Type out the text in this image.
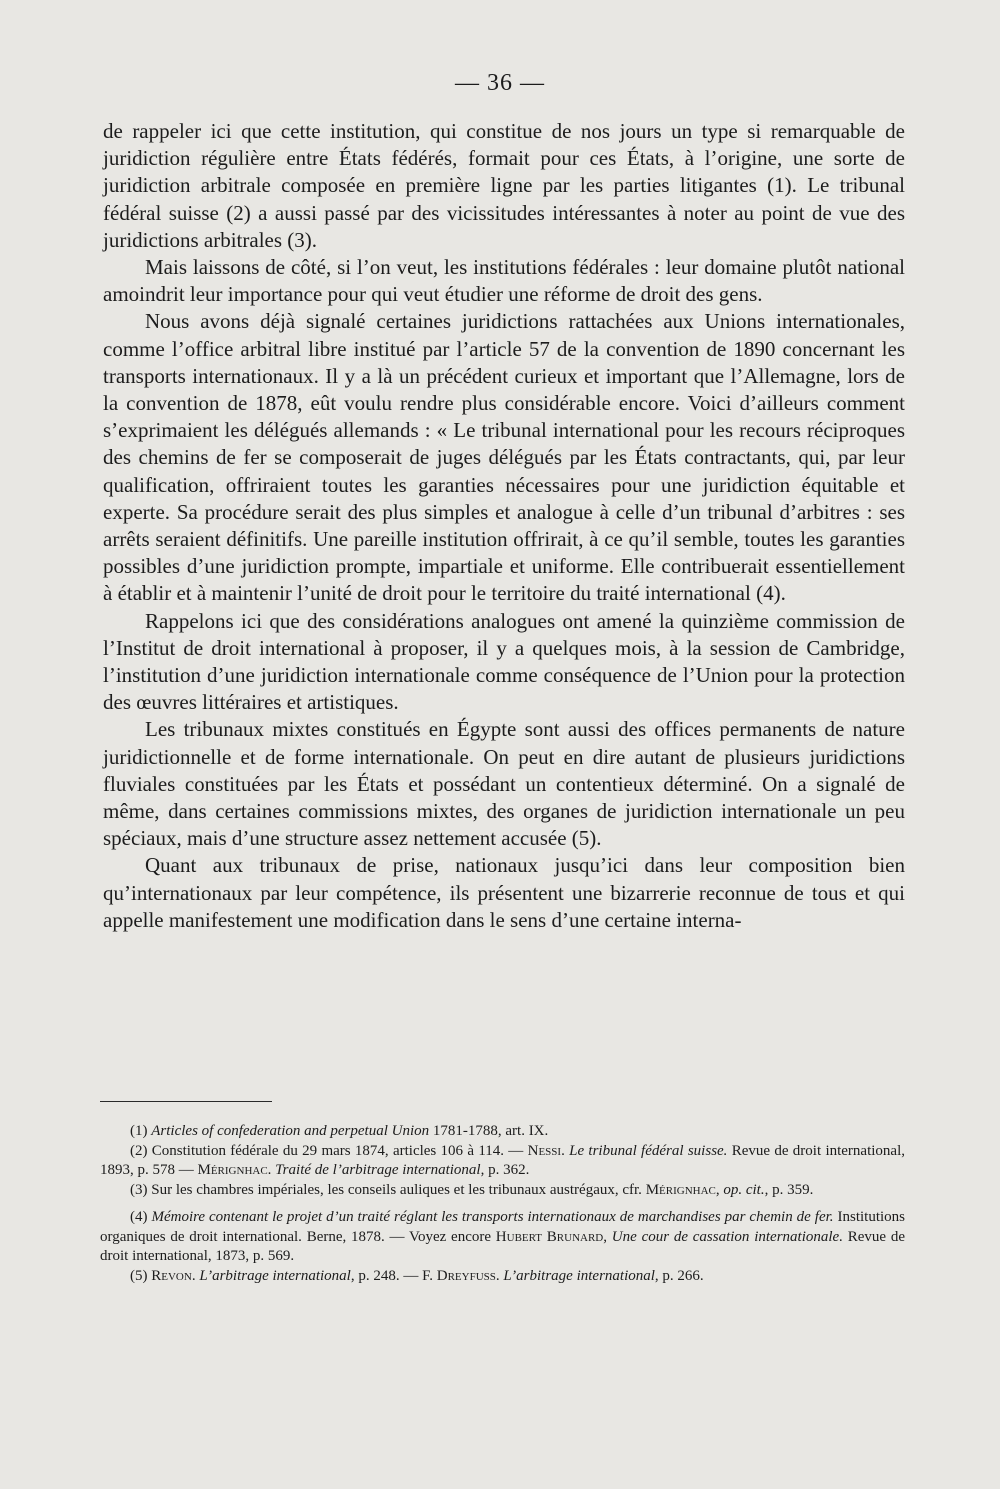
— 36 —

de rappeler ici que cette institution, qui constitue de nos jours un type si remarquable de juridiction régulière entre États fédérés, formait pour ces États, à l’origine, une sorte de juridiction arbitrale composée en première ligne par les parties litigantes (1). Le tribunal fédéral suisse (2) a aussi passé par des vicissitudes intéressantes à noter au point de vue des juridictions arbitrales (3).

Mais laissons de côté, si l’on veut, les institutions fédérales : leur domaine plutôt national amoindrit leur importance pour qui veut étudier une réforme de droit des gens.

Nous avons déjà signalé certaines juridictions rattachées aux Unions internationales, comme l’office arbitral libre institué par l’article 57 de la convention de 1890 concernant les transports internationaux. Il y a là un précédent curieux et important que l’Allemagne, lors de la convention de 1878, eût voulu rendre plus considérable encore. Voici d’ailleurs comment s’exprimaient les délégués allemands : « Le tribunal international pour les recours réciproques des chemins de fer se composerait de juges délégués par les États contractants, qui, par leur qualification, offriraient toutes les garanties nécessaires pour une juridiction équitable et experte. Sa procédure serait des plus simples et analogue à celle d’un tribunal d’arbitres : ses arrêts seraient définitifs. Une pareille institution offrirait, à ce qu’il semble, toutes les garanties possibles d’une juridiction prompte, impartiale et uniforme. Elle contribuerait essentiellement à établir et à maintenir l’unité de droit pour le territoire du traité international (4).

Rappelons ici que des considérations analogues ont amené la quinzième commission de l’Institut de droit international à proposer, il y a quelques mois, à la session de Cambridge, l’institution d’une juridiction internationale comme conséquence de l’Union pour la protection des œuvres littéraires et artistiques.

Les tribunaux mixtes constitués en Égypte sont aussi des offices permanents de nature juridictionnelle et de forme internationale. On peut en dire autant de plusieurs juridictions fluviales constituées par les États et possédant un contentieux déterminé. On a signalé de même, dans certaines commissions mixtes, des organes de juridiction internationale un peu spéciaux, mais d’une structure assez nettement accusée (5).

Quant aux tribunaux de prise, nationaux jusqu’ici dans leur composition bien qu’internationaux par leur compétence, ils présentent une bizarrerie reconnue de tous et qui appelle manifestement une modification dans le sens d’une certaine interna-

(1) Articles of confederation and perpetual Union 1781-1788, art. IX.

(2) Constitution fédérale du 29 mars 1874, articles 106 à 114. — Nessi. Le tribunal fédéral suisse. Revue de droit international, 1893, p. 578 — Mérignhac. Traité de l’arbitrage international, p. 362.

(3) Sur les chambres impériales, les conseils auliques et les tribunaux austrégaux, cfr. Mérignhac, op. cit., p. 359.

(4) Mémoire contenant le projet d’un traité réglant les transports internationaux de marchandises par chemin de fer. Institutions organiques de droit international. Berne, 1878. — Voyez encore Hubert Brunard, Une cour de cassation internationale. Revue de droit international, 1873, p. 569.

(5) Revon. L’arbitrage international, p. 248. — F. Dreyfuss. L’arbitrage international, p. 266.
